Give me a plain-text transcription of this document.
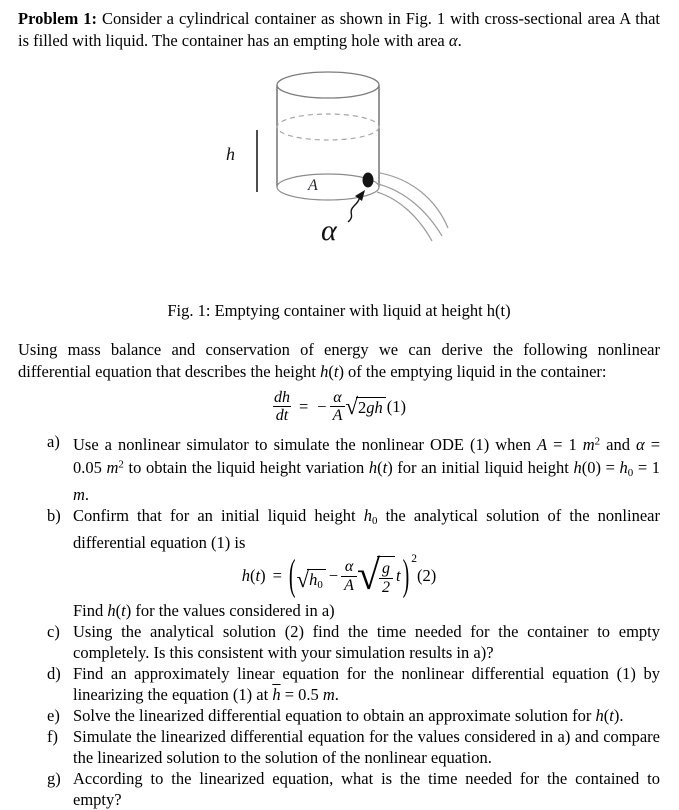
Problem 1: Consider a cylindrical container as shown in Fig. 1 with cross-sectional area A that is filled with liquid. The container has an empting hole with area α.

h
A
α

Fig. 1: Emptying container with liquid at height h(t)

Using mass balance and conservation of energy we can derive the following nonlinear differential equation that describes the height h(t) of the emptying liquid in the container:

$\frac{dh}{dt}$ = − $\frac{\alpha}{A}$ √ 2gh (1)
a) Use a nonlinear simulator to simulate the nonlinear ODE (1) when A = 1 $m^2$ and α = 0.05 $m^2$ to obtain the liquid height variation h(t) for an initial liquid height $h(0) = h_0 = 1$ m.
b) Confirm that for an initial liquid height $h_0$ the analytical solution of the nonlinear differential equation (1) is
h(t) = ( √ $h_0 - \frac{\alpha}{A}$ √ $\frac{g}{2}$ t ) 2
(2)
Find h(t) for the values considered in a)
c) Using the analytical solution (2) find the time needed for the container to empty completely. Is this consistent with your simulation results in a)?
d) Find an approximately linear equation for the nonlinear differential equation (1) by linearizing the equation (1) at $\overline{h} = 0.5$ m.
e) Solve the linearized differential equation to obtain an approximate solution for h(t).
f) Simulate the linearized differential equation for the values considered in a) and compare the linearized solution to the solution of the nonlinear equation.
g) According to the linearized equation, what is the time needed for the contained to empty?
